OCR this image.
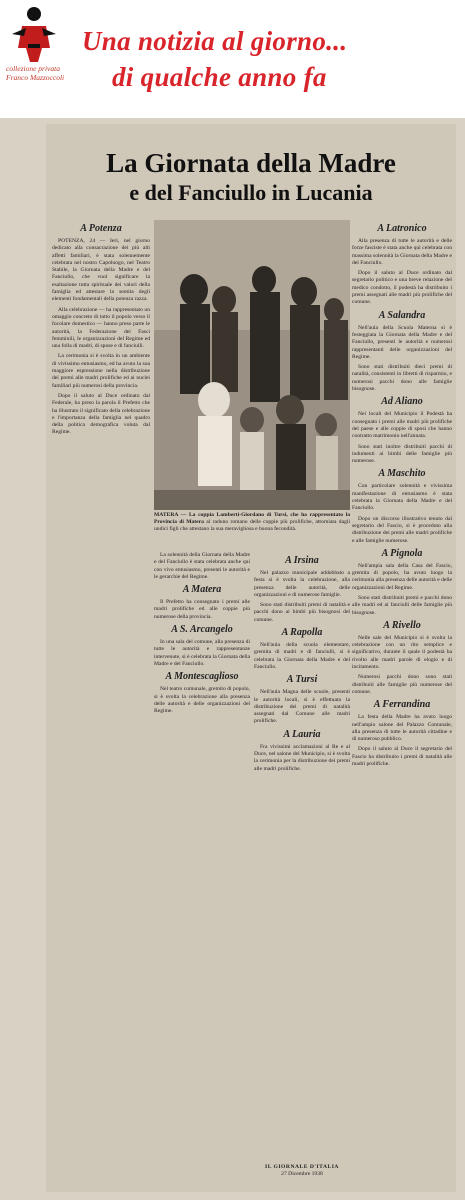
collezione privata
Franco Mazzoccoli
Una notizia al giorno...
di qualche anno fa
La Giornata della Madre
e del Fanciullo in Lucania
A Potenza

POTENZA, 24 — Ieri, nel giorno dedicato alla consacrazione dei più alti affetti familiari, è stata solennemente celebrata nel nostro Capoluogo, nel Teatro Stabile, la Giornata della Madre e del Fanciullo, che vuol significare la esaltazione tutta spirituale dei valori della famiglia ed attestare la sentita degli elementi fondamentali della potenza razza.

Alla celebrazione — ha rappresentato un omaggio concreto di tutto il popolo verso il focolare domestico — hanno preso parte le autorità, la Federazione dei Fasci femminili, le organizzazioni del Regime ed una folla di madri, di spose e di fanciulli.

La cerimonia si è svolta in un ambiente di vivissimo entusiasmo, ed ha avuto la sua maggiore espressione nella distribuzione dei premi alle madri prolifiche ed ai nuclei familiari più numerosi della provincia.

Dopo il saluto al Duce ordinato dal Federale, ha preso la parola il Prefetto che ha illustrato il significato della celebrazione e l'importanza della famiglia nel quadro della politica demografica voluta dal Regime.

MATERA — La coppia Lamberti-Giordano di Tursi, che ha rappresentato la Provincia di Matera al raduno romano delle coppie più prolifiche, attorniata dagli undici figli che attestano la sua meravigliosa e buona fecondità.

La solennità della Giornata della Madre e del Fanciullo è stata celebrata anche qui con vivo entusiasmo, presenti le autorità e le gerarchie del Regime.

A Matera

Il Prefetto ha consegnato i premi alle madri prolifiche ed alle coppie più numerose della provincia.

A S. Arcangelo

In una sala del comune, alla presenza di tutte le autorità e rappresentanze intervenute, si è celebrata la Giornata della Madre e del Fanciullo.

A Montescaglioso

Nel teatro comunale, gremito di popolo, si è svolta la celebrazione alla presenza delle autorità e delle organizzazioni del Regime.

A Irsina

Nel palazzo municipale addobbato a festa si è svolta la celebrazione, alla presenza delle autorità, delle organizzazioni e di numerose famiglie.

Sono stati distribuiti premi di natalità e pacchi dono ai bimbi più bisognosi del comune.

A Rapolla

Nell'aula della scuola elementare, gremita di madri e di fanciulli, si è celebrata la Giornata della Madre e del Fanciullo.

A Tursi

Nell'aula Magna delle scuole, presenti le autorità locali, si è effettuata la distribuzione dei premi di natalità assegnati dal Comune alle madri prolifiche.

A Lauria

Fra vivissimi acclamazioni al Re e al Duce, nel salone del Municipio, si è svolta la cerimonia per la distribuzione dei premi alle madri prolifiche.

A Latronico

Alla presenza di tutte le autorità e delle forze fasciste è stata anche qui celebrata con massima solennità la Giornata della Madre e del Fanciullo.

Dopo il saluto al Duce ordinato dal segretario politico e una breve relazione del medico condotto, il podestà ha distribuito i premi assegnati alle madri più prolifiche del comune.

A Salandra

Nell'aula della Scuola Materna si è festeggiata la Giornata della Madre e del Fanciullo, presenti le autorità e numerosi rappresentanti delle organizzazioni del Regime.

Sono stati distribuiti dieci premi di natalità, consistenti in libretti di risparmio, e numerosi pacchi dono alle famiglie bisognose.

Ad Aliano

Nei locali del Municipio il Podestà ha consegnato i premi alle madri più prolifiche del paese e alle coppie di sposi che hanno contratto matrimonio nell'annata.

Sono stati inoltre distribuiti pacchi di indumenti ai bimbi delle famiglie più numerose.

A Maschito

Con particolare solennità e vivissima manifestazione di entusiasmo è stata celebrata la Giornata della Madre e del Fanciullo.

Dopo un discorso illustrativo tenuto dal segretario del Fascio, si è proceduto alla distribuzione dei premi alle madri prolifiche e alle famiglie numerose.

A Pignola

Nell'ampia sala della Casa del Fascio, gremita di popolo, ha avuto luogo la cerimonia alla presenza delle autorità e delle organizzazioni del Regime.

Sono stati distribuiti premi e pacchi dono alle madri ed ai fanciulli delle famiglie più bisognose.

A Rivello

Nelle sale del Municipio si è svolta la celebrazione con un rito semplice e significativo, durante il quale il podestà ha rivolto alle madri parole di elogio e di incitamento.

Numerosi pacchi dono sono stati distribuiti alle famiglie più numerose del comune.

A Ferrandina

La festa della Madre ha avuto luogo nell'ampio salone del Palazzo Comunale, alla presenza di tutte le autorità cittadine e di numeroso pubblico.

Dopo il saluto al Duce il segretario del Fascio ha distribuito i premi di natalità alle madri prolifiche.

IL GIORNALE D'ITALIA
27 Dicembre 1938
